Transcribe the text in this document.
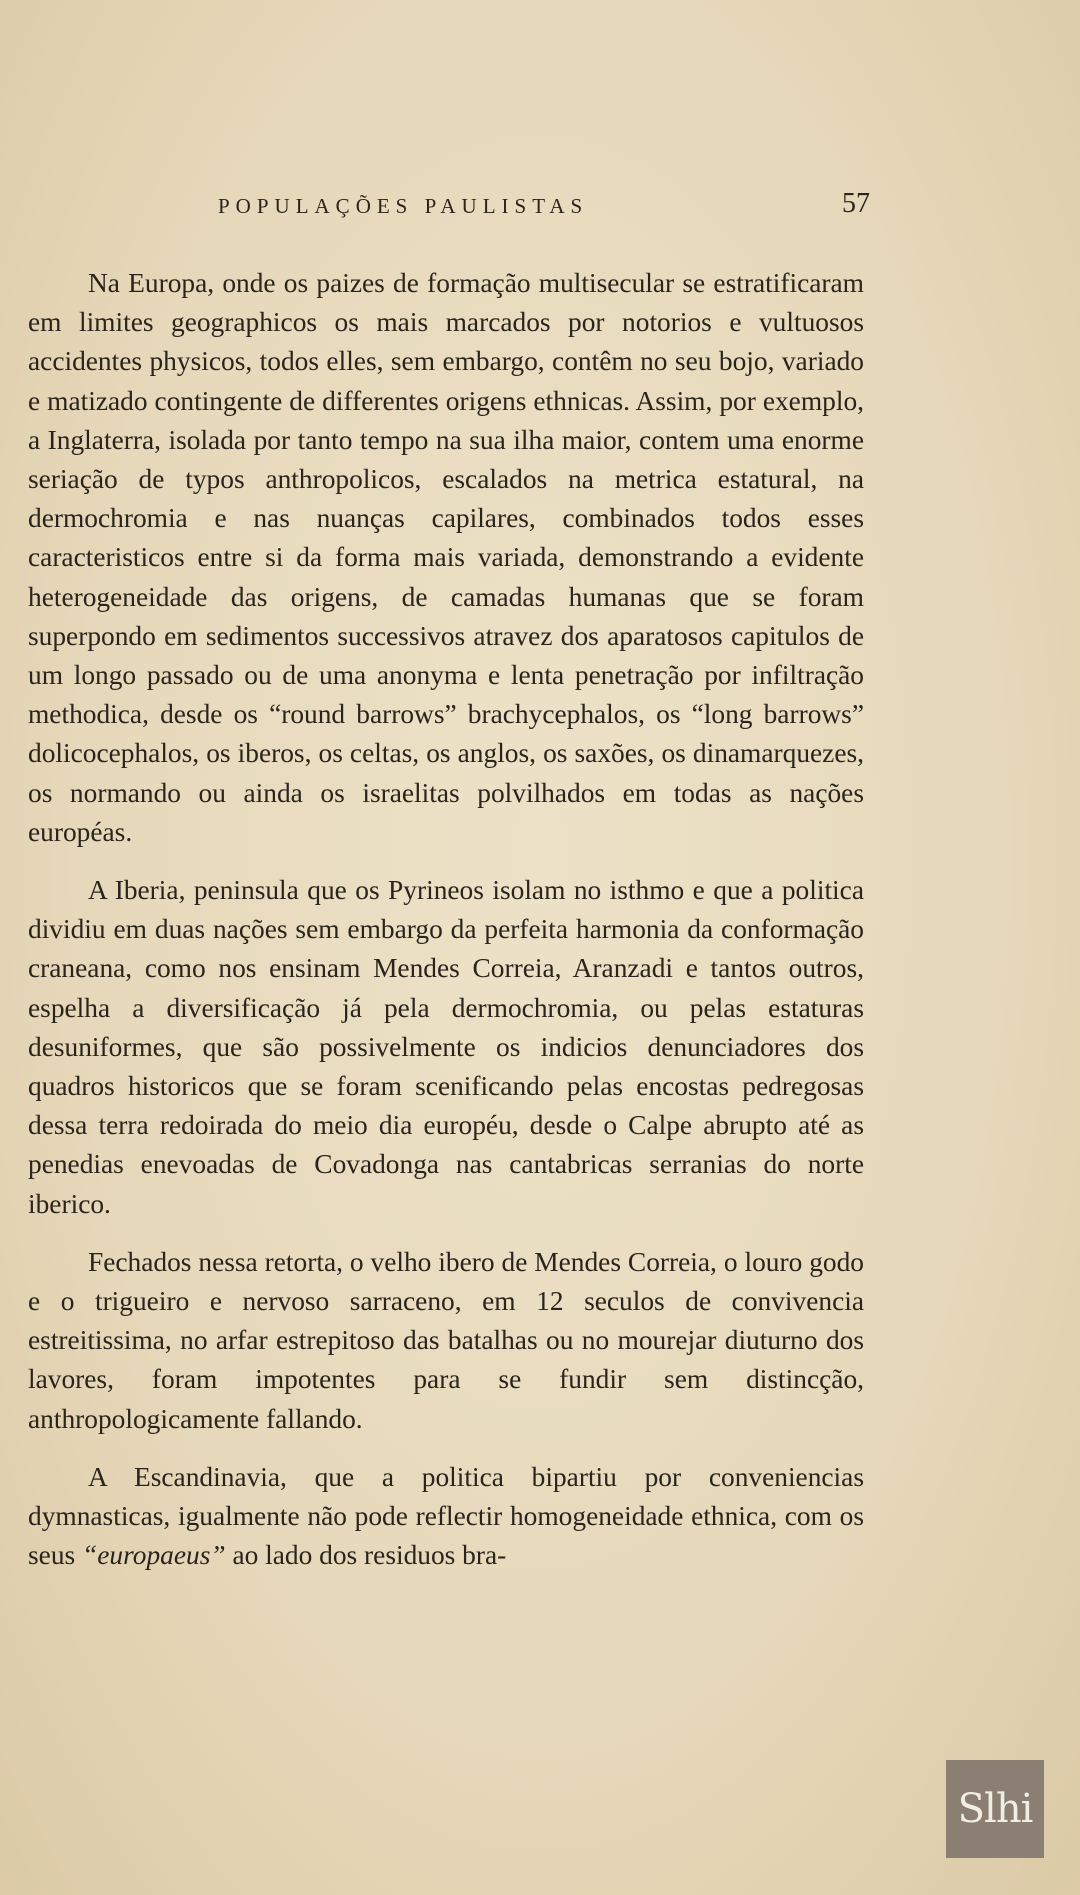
POPULAÇÕES PAULISTAS	57

Na Europa, onde os paizes de formação multisecular se estratificaram em limites geographicos os mais marcados por notorios e vultuosos accidentes physicos, todos elles, sem embargo, contêm no seu bojo, variado e matizado contingente de differentes origens ethnicas. Assim, por exemplo, a Inglaterra, isolada por tanto tempo na sua ilha maior, contem uma enorme seriação de typos anthropolicos, escalados na metrica estatural, na dermochromia e nas nuanças capilares, combinados todos esses caracteristicos entre si da forma mais variada, demonstrando a evidente heterogeneidade das origens, de camadas humanas que se foram superpondo em sedimentos successivos atravez dos aparatosos capitulos de um longo passado ou de uma anonyma e lenta penetração por infiltração methodica, desde os “round barrows” brachycephalos, os “long barrows” dolicocephalos, os iberos, os celtas, os anglos, os saxões, os dinamarquezes, os normando ou ainda os israelitas polvilhados em todas as nações européas.

A Iberia, peninsula que os Pyrineos isolam no isthmo e que a politica dividiu em duas nações sem embargo da perfeita harmonia da conformação craneana, como nos ensinam Mendes Correia, Aranzadi e tantos outros, espelha a diversificação já pela dermochromia, ou pelas estaturas desuniformes, que são possivelmente os indicios denunciadores dos quadros historicos que se foram scenificando pelas encostas pedregosas dessa terra redoirada do meio dia européu, desde o Calpe abrupto até as penedias enevoadas de Covadonga nas cantabricas serranias do norte iberico.

Fechados nessa retorta, o velho ibero de Mendes Correia, o louro godo e o trigueiro e nervoso sarraceno, em 12 seculos de convivencia estreitissima, no arfar estrepitoso das batalhas ou no mourejar diuturno dos lavores, foram impotentes para se fundir sem distincção, anthropologicamente fallando.

A Escandinavia, que a politica bipartiu por conveniencias dymnasticas, igualmente não pode reflectir homogeneidade ethnica, com os seus “europaeus” ao lado dos residuos bra-

Slhi
